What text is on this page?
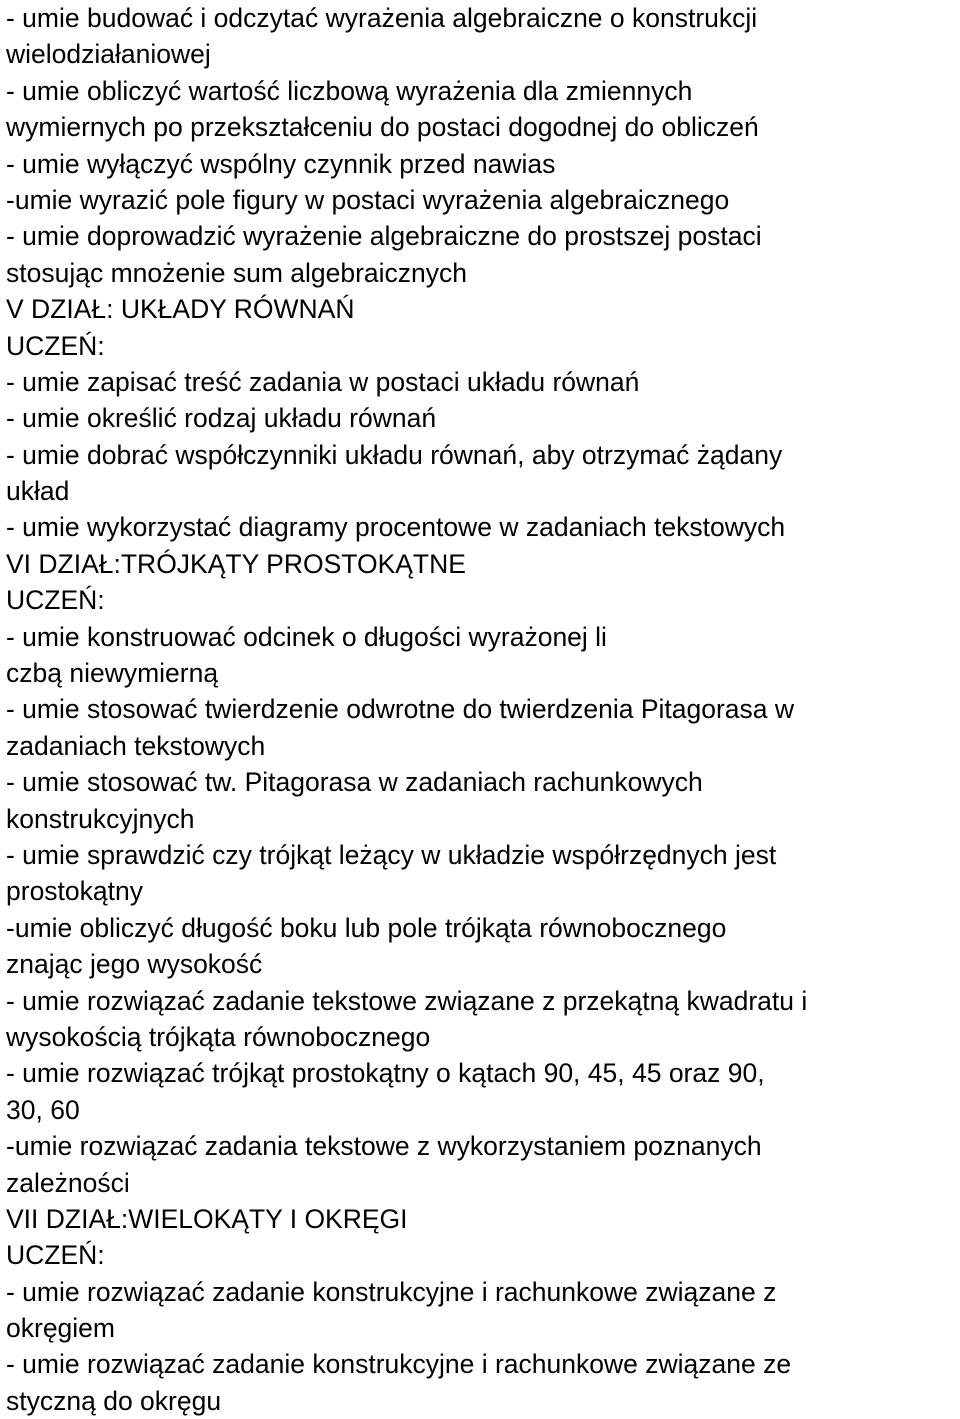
- umie budować i odczytać wyrażenia algebraiczne o konstrukcji
wielodziałaniowej
- umie obliczyć wartość liczbową wyrażenia dla zmiennych
wymiernych po przekształceniu do postaci dogodnej do obliczeń
- umie wyłączyć wspólny czynnik przed nawias
-umie wyrazić pole figury w postaci wyrażenia algebraicznego
- umie doprowadzić wyrażenie algebraiczne do prostszej postaci
stosując mnożenie sum algebraicznych
V DZIAŁ: UKŁADY RÓWNAŃ
UCZEŃ:
- umie zapisać treść zadania w postaci układu równań
- umie określić rodzaj układu równań
- umie dobrać współczynniki układu równań, aby otrzymać żądany
układ
- umie wykorzystać diagramy procentowe w zadaniach tekstowych
VI DZIAŁ:TRÓJKĄTY PROSTOKĄTNE
UCZEŃ:
- umie konstruować odcinek o długości wyrażonej li
czbą niewymierną
- umie stosować twierdzenie odwrotne do twierdzenia Pitagorasa w
zadaniach tekstowych
- umie stosować tw. Pitagorasa w zadaniach rachunkowych
konstrukcyjnych
- umie sprawdzić czy trójkąt leżący w układzie współrzędnych jest
prostokątny
-umie obliczyć długość boku lub pole trójkąta równobocznego
znając jego wysokość
- umie rozwiązać zadanie tekstowe związane z przekątną kwadratu i
wysokością trójkąta równobocznego
- umie rozwiązać trójkąt prostokątny o kątach 90, 45, 45 oraz 90,
30, 60
-umie rozwiązać zadania tekstowe z wykorzystaniem poznanych
zależności
VII DZIAŁ:WIELOKĄTY I OKRĘGI
UCZEŃ:
- umie rozwiązać zadanie konstrukcyjne i rachunkowe związane z
okręgiem
- umie rozwiązać zadanie konstrukcyjne i rachunkowe związane ze
styczną do okręgu
